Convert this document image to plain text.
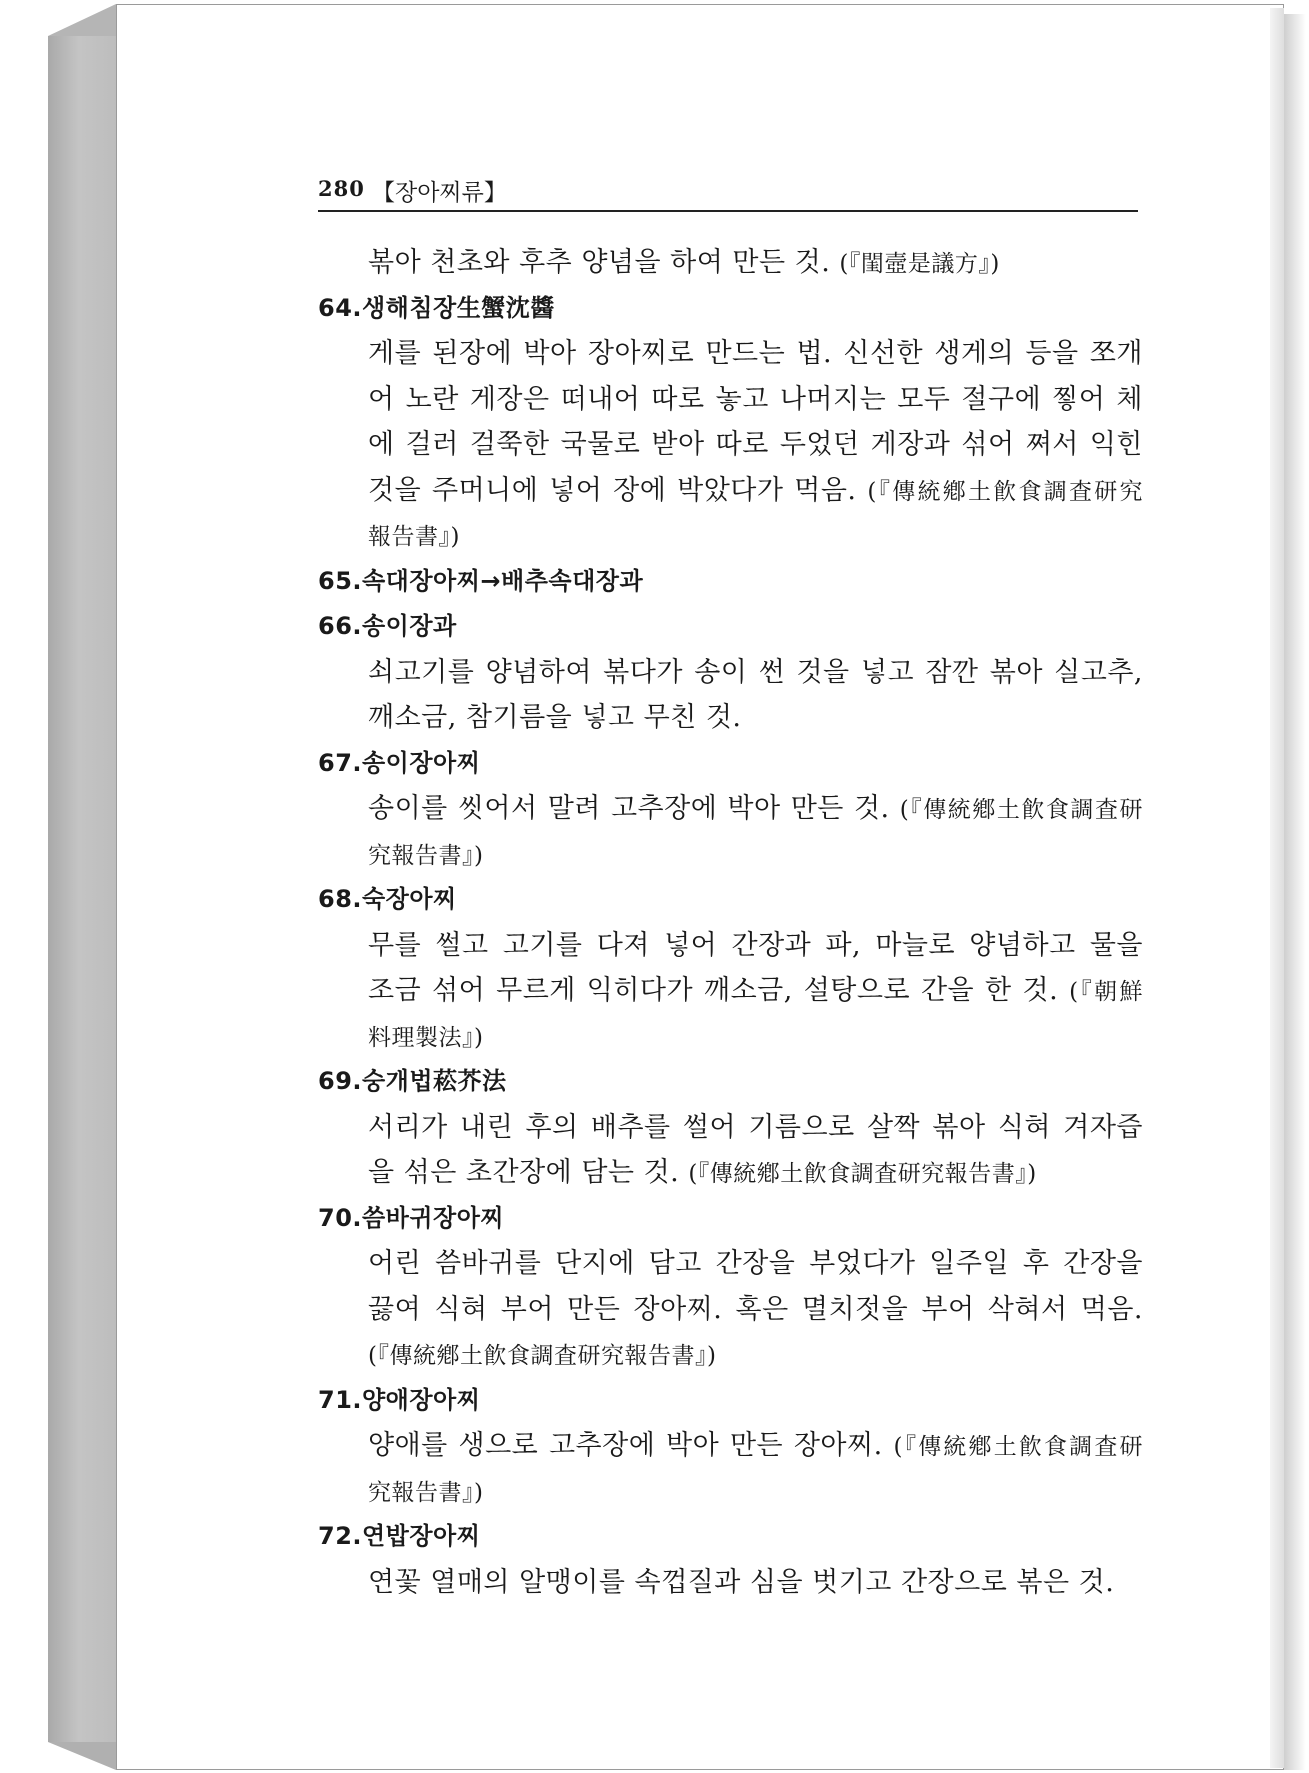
280 【장아찌류】
볶아 천초와 후추 양념을 하여 만든 것. (『閨壼是議方』)
64.생해침장生蟹沈醬
게를 된장에 박아 장아찌로 만드는 법. 신선한 생게의 등을 쪼개
어 노란 게장은 떠내어 따로 놓고 나머지는 모두 절구에 찧어 체
에 걸러 걸쭉한 국물로 받아 따로 두었던 게장과 섞어 쪄서 익힌
것을 주머니에 넣어 장에 박았다가 먹음. (『傳統鄕土飮食調査研究
報告書』)
65.속대장아찌→배추속대장과
66.송이장과
쇠고기를 양념하여 볶다가 송이 썬 것을 넣고 잠깐 볶아 실고추,
깨소금, 참기름을 넣고 무친 것.
67.송이장아찌
송이를 씻어서 말려 고추장에 박아 만든 것. (『傳統鄕土飮食調査研
究報告書』)
68.숙장아찌
무를 썰고 고기를 다져 넣어 간장과 파, 마늘로 양념하고 물을
조금 섞어 무르게 익히다가 깨소금, 설탕으로 간을 한 것. (『朝鮮
料理製法』)
69.숭개법菘芥法
서리가 내린 후의 배추를 썰어 기름으로 살짝 볶아 식혀 겨자즙
을 섞은 초간장에 담는 것. (『傳統鄕土飮食調査研究報告書』)
70.씀바귀장아찌
어린 씀바귀를 단지에 담고 간장을 부었다가 일주일 후 간장을
끓여 식혀 부어 만든 장아찌. 혹은 멸치젓을 부어 삭혀서 먹음.
(『傳統鄕土飮食調査研究報告書』)
71.양애장아찌
양애를 생으로 고추장에 박아 만든 장아찌. (『傳統鄕土飮食調査研
究報告書』)
72.연밥장아찌
연꽃 열매의 알맹이를 속껍질과 심을 벗기고 간장으로 볶은 것.
